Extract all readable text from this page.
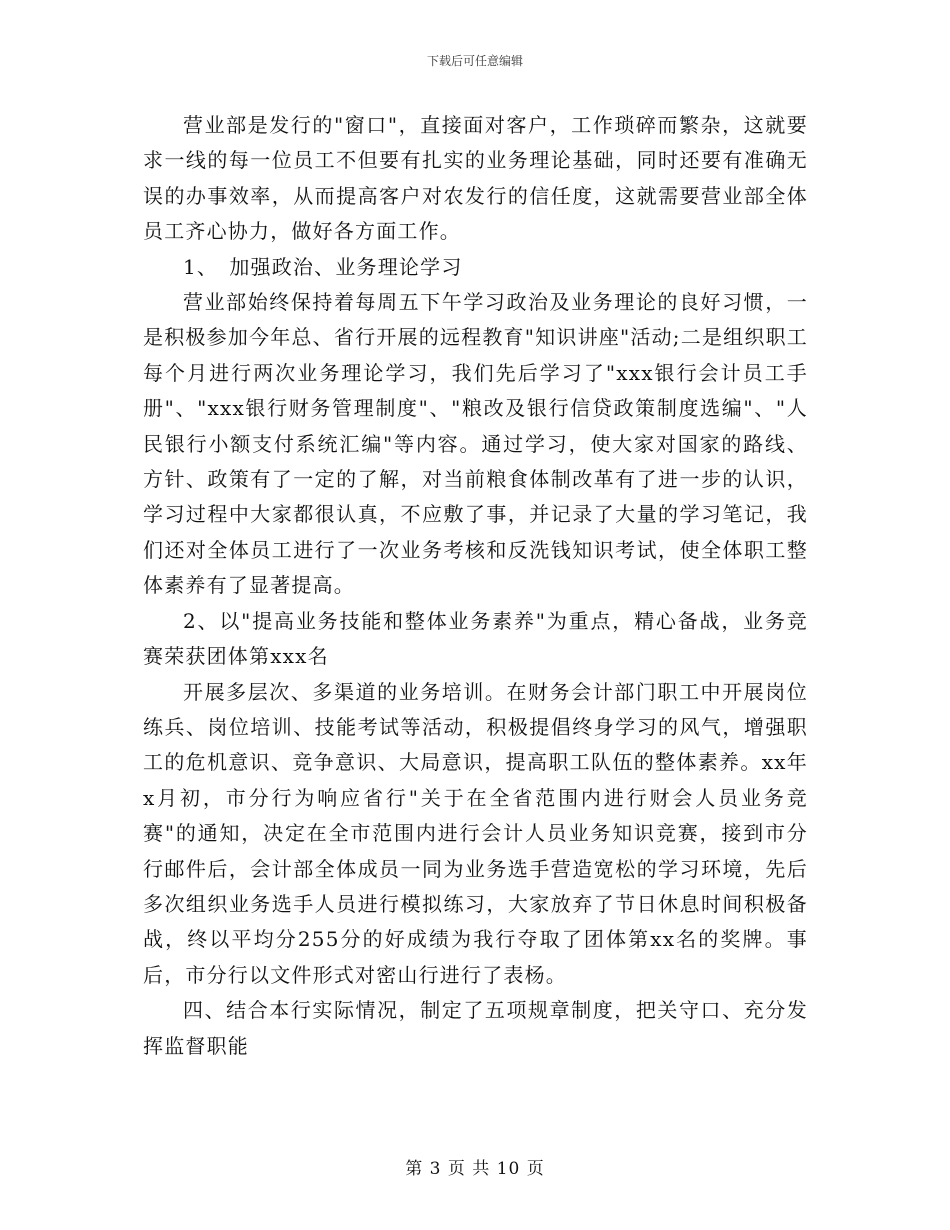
下载后可任意编辑

营业部是发行的"窗口"，直接面对客户，工作琐碎而繁杂，这就要求一线的每一位员工不但要有扎实的业务理论基础，同时还要有准确无误的办事效率，从而提高客户对农发行的信任度，这就需要营业部全体员工齐心协力，做好各方面工作。

1、　加强政治、业务理论学习

营业部始终保持着每周五下午学习政治及业务理论的良好习惯，一是积极参加今年总、省行开展的远程教育"知识讲座"活动;二是组织职工每个月进行两次业务理论学习，我们先后学习了"xxx银行会计员工手册"、"xxx银行财务管理制度"、"粮改及银行信贷政策制度选编"、"人民银行小额支付系统汇编"等内容。通过学习，使大家对国家的路线、方针、政策有了一定的了解，对当前粮食体制改革有了进一步的认识，学习过程中大家都很认真，不应敷了事，并记录了大量的学习笔记，我们还对全体员工进行了一次业务考核和反洗钱知识考试，使全体职工整体素养有了显著提高。

2、以"提高业务技能和整体业务素养"为重点，精心备战，业务竞赛荣获团体第xxx名

开展多层次、多渠道的业务培训。在财务会计部门职工中开展岗位练兵、岗位培训、技能考试等活动，积极提倡终身学习的风气，增强职工的危机意识、竞争意识、大局意识，提高职工队伍的整体素养。xx年x月初，市分行为响应省行"关于在全省范围内进行财会人员业务竞赛"的通知，决定在全市范围内进行会计人员业务知识竞赛，接到市分行邮件后，会计部全体成员一同为业务选手营造宽松的学习环境，先后多次组织业务选手人员进行模拟练习，大家放弃了节日休息时间积极备战，终以平均分255分的好成绩为我行夺取了团体第xx名的奖牌。事后，市分行以文件形式对密山行进行了表杨。

四、结合本行实际情况，制定了五项规章制度，把关守口、充分发挥监督职能

第 3 页 共 10 页
